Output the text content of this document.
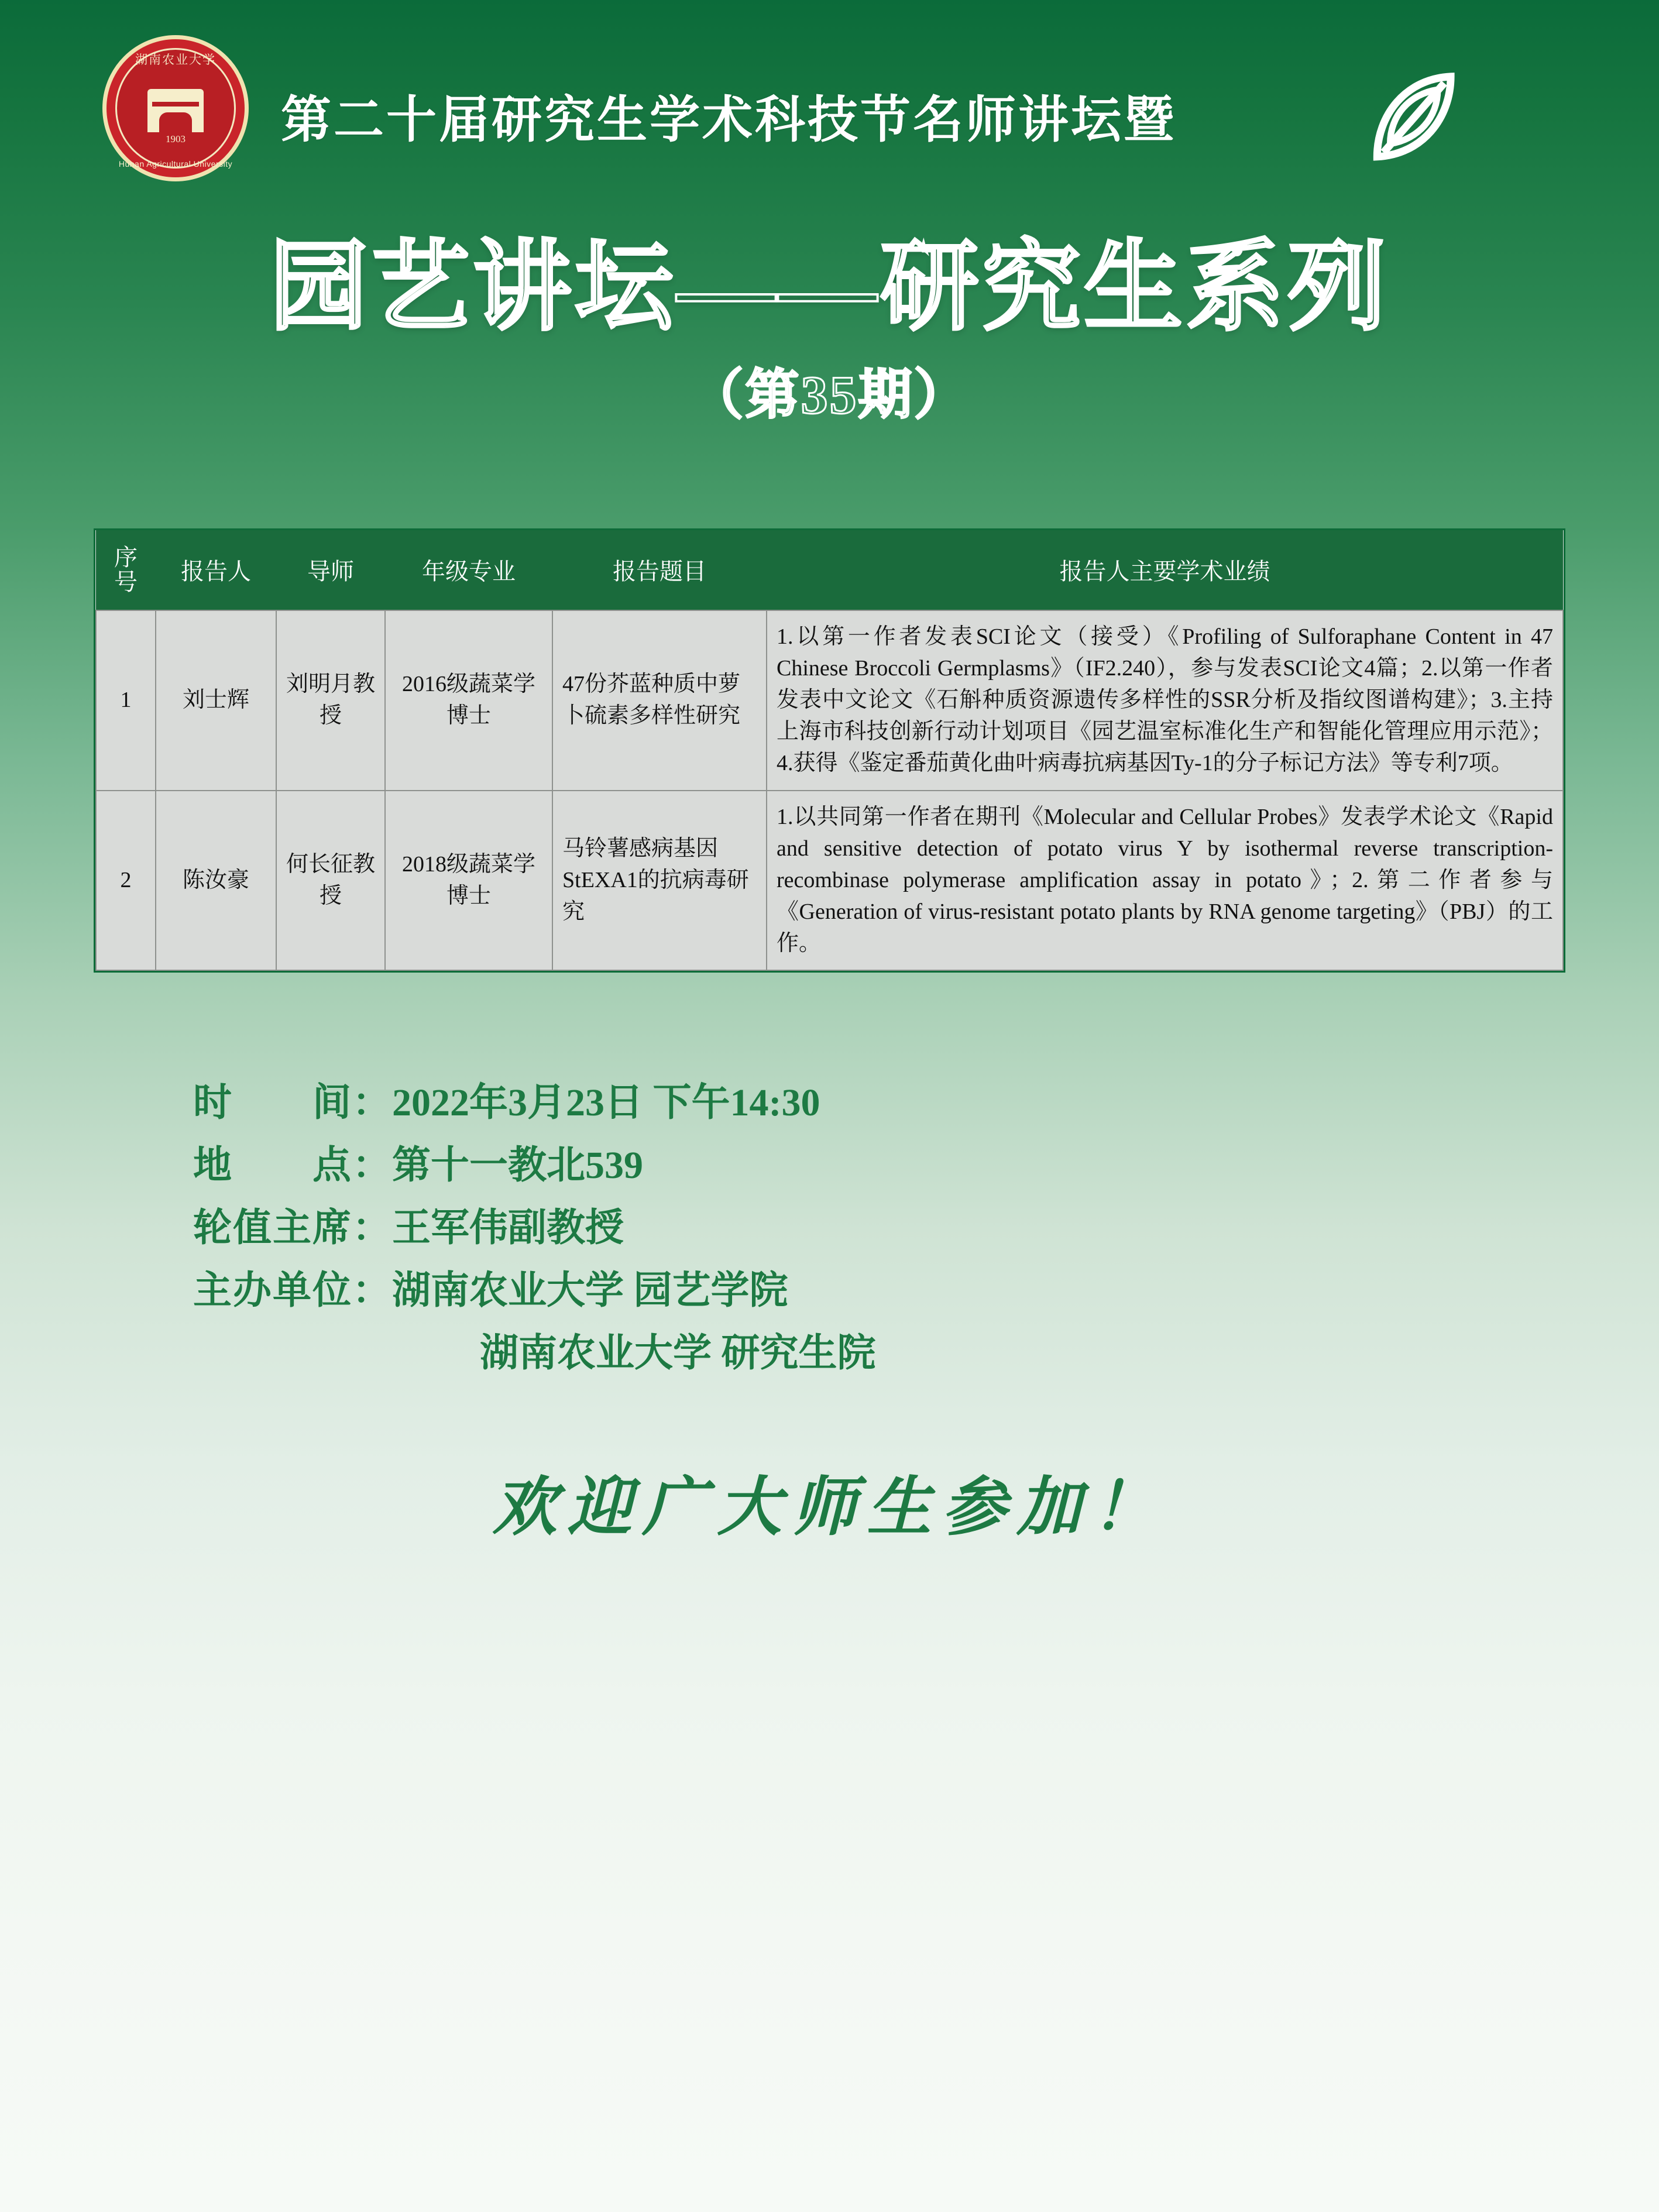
湖南农业大学
1903
Hunan Agricultural University
第二十届研究生学术科技节名师讲坛暨
园艺讲坛——研究生系列
（第35期）
序
号	报告人	导师	年级专业	报告题目	报告人主要学术业绩
1	刘士辉	刘明月教授	2016级蔬菜学博士	47份芥蓝种质中萝卜硫素多样性研究	1.以第一作者发表SCI论文（接受）《Profiling of Sulforaphane Content in 47 Chinese Broccoli Germplasms》（IF2.240），参与发表SCI论文4篇；2.以第一作者发表中文论文《石斛种质资源遗传多样性的SSR分析及指纹图谱构建》；3.主持上海市科技创新行动计划项目《园艺温室标准化生产和智能化管理应用示范》；4.获得《鉴定番茄黄化曲叶病毒抗病基因Ty-1的分子标记方法》等专利7项。
2	陈汝豪	何长征教授	2018级蔬菜学博士	马铃薯感病基因StEXA1的抗病毒研究	1.以共同第一作者在期刊《Molecular and Cellular Probes》发表学术论文《Rapid and sensitive detection of potato virus Y by isothermal reverse transcription-recombinase polymerase amplification assay in potato》；2.第二作者参与《Generation of virus-resistant potato plants by RNA genome targeting》（PBJ）的工作。
时　　间：2022年3月23日 下午14:30
地　　点：第十一教北539
轮值主席：王军伟副教授
主办单位：湖南农业大学 园艺学院
湖南农业大学 研究生院
欢迎广大师生参加！
